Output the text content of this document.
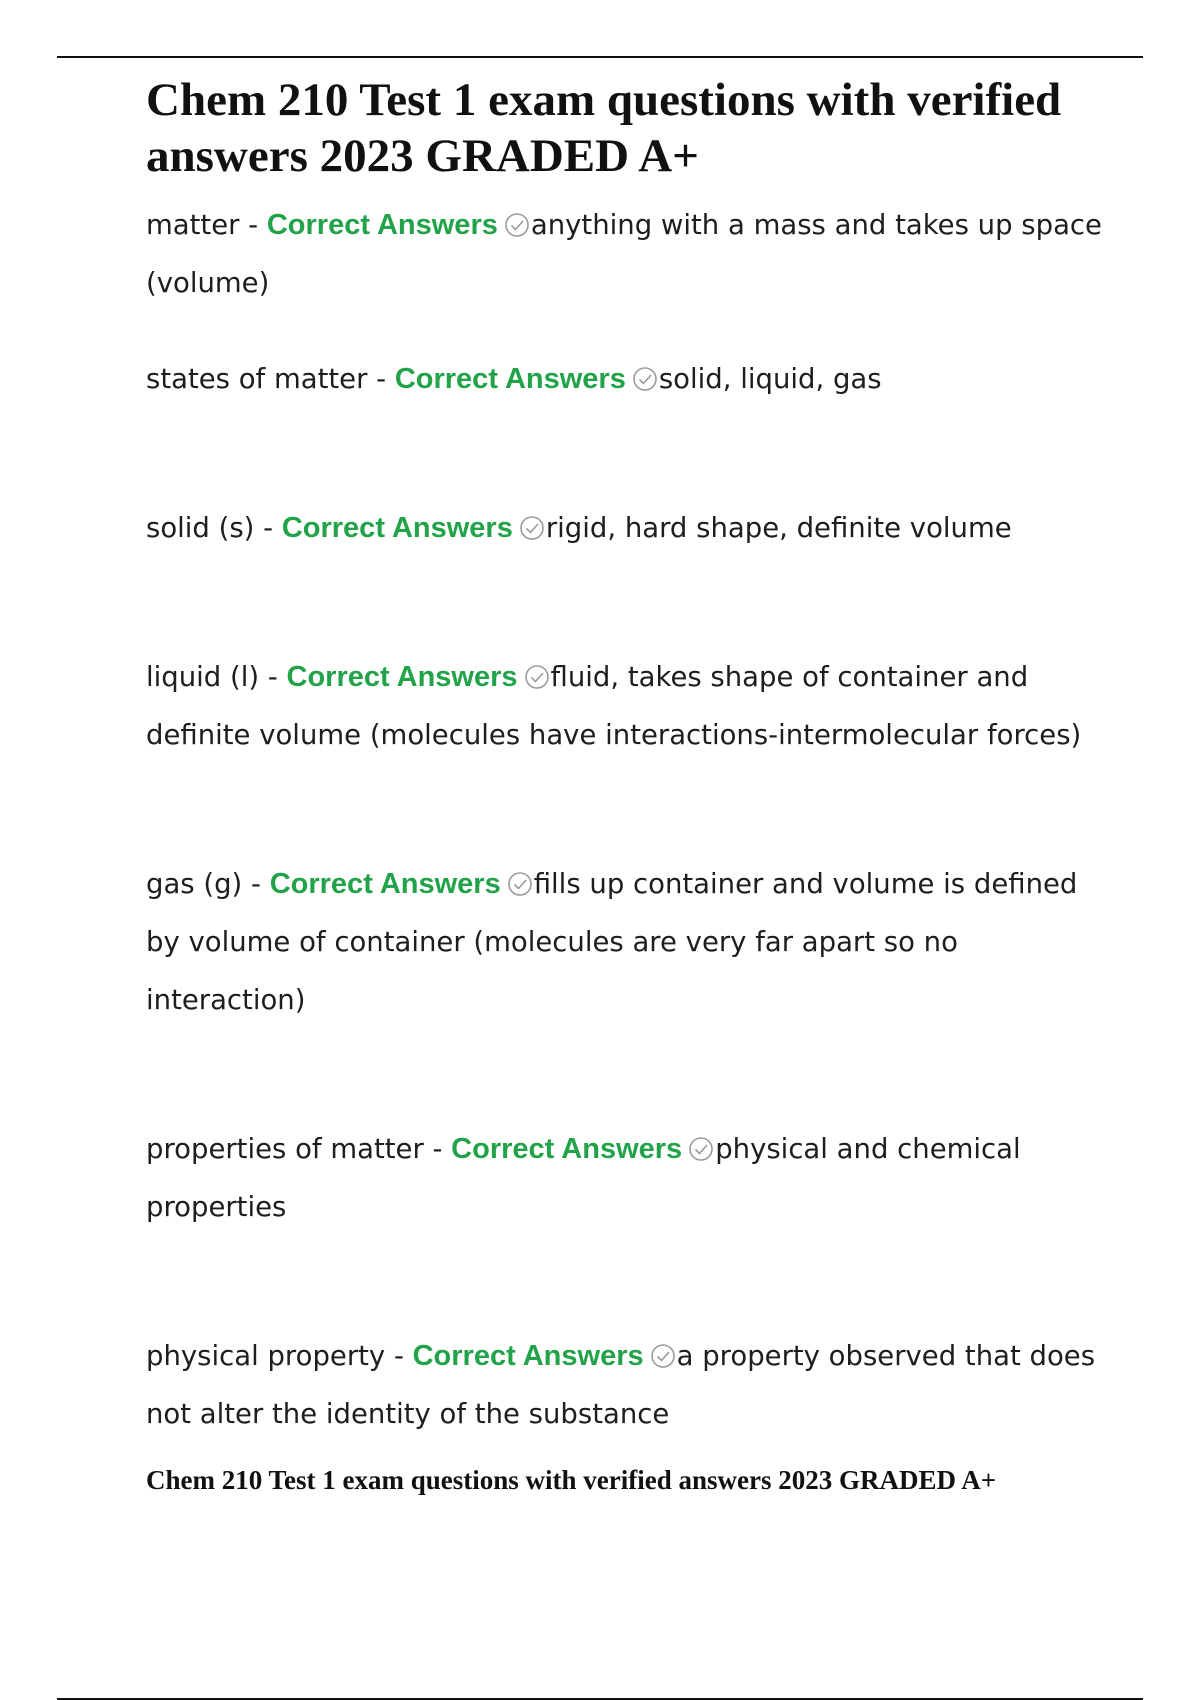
Chem 210 Test 1 exam questions with verified answers 2023 GRADED A+

matter - Correct Answers anything with a mass and takes up space (volume)

states of matter - Correct Answers solid, liquid, gas

solid (s) - Correct Answers rigid, hard shape, definite volume

liquid (l) - Correct Answers fluid, takes shape of container and definite volume (molecules have interactions-intermolecular forces)

gas (g) - Correct Answers fills up container and volume is defined by volume of container (molecules are very far apart so no interaction)

properties of matter - Correct Answers physical and chemical properties

physical property - Correct Answers a property observed that does not alter the identity of the substance

Chem 210 Test 1 exam questions with verified answers 2023 GRADED A+
